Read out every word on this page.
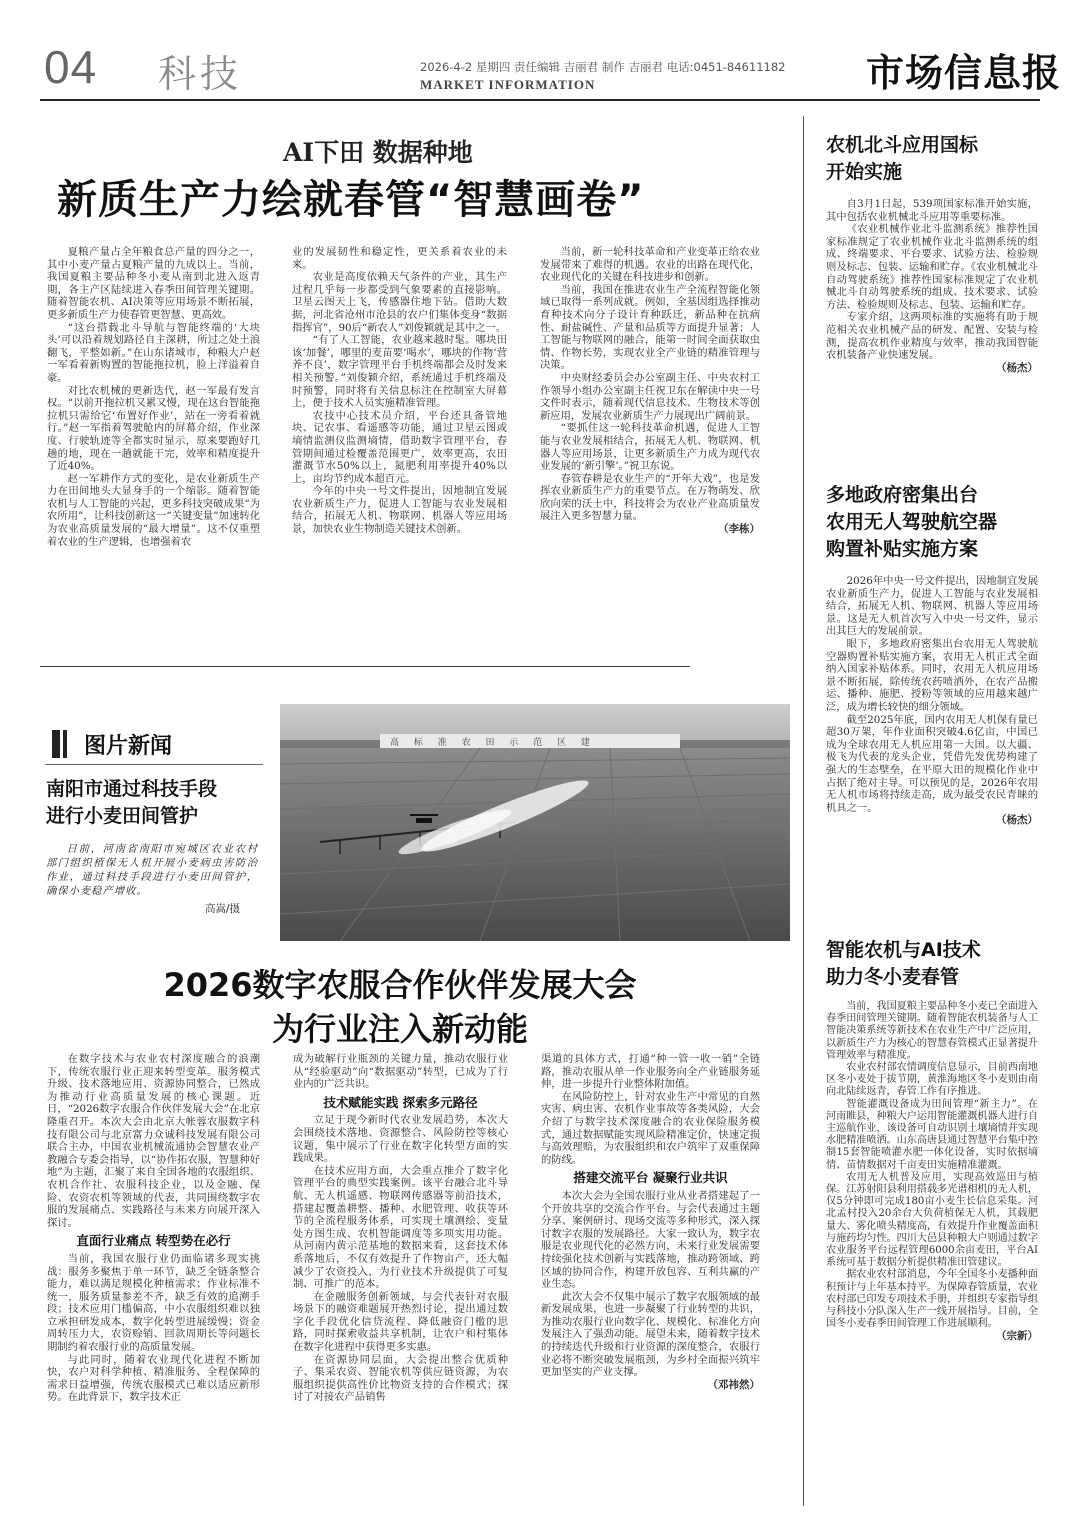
04 科技	2026-4-2 星期四 责任编辑 吉丽君 制作 吉丽君 电话:0451-84611182
MARKET INFORMATION	市场信息报
AI下田 数据种地
新质生产力绘就春管“智慧画卷”

夏粮产量占全年粮食总产量的四分之一，其中小麦产量占夏粮产量的九成以上。当前，我国夏粮主要品种冬小麦从南到北进入返青期，各主产区陆续进入春季田间管理关键期。随着智能农机、AI决策等应用场景不断拓展，更多新质生产力使春管更智慧、更高效。

“这台搭载北斗导航与智能终端的‘大块头’可以沿着规划路径自主深耕，所过之处土浪翻飞，平整如新。”在山东诸城市，种粮大户赵一军看着新购置的智能拖拉机，脸上洋溢着自豪。

对比农机械的更新迭代，赵一军最有发言权。“以前开拖拉机又累又慢，现在这台智能拖拉机只需给它‘布置好作业’，站在一旁看着就行。”赵一军指着驾驶舱内的屏幕介绍，作业深度、行驶轨迹等全都实时显示，原来要跑好几趟的地，现在一趟就能干完，效率和精度提升了近40%。

赵一军耕作方式的变化，是农业新质生产力在田间地头大显身手的一个缩影。随着智能农机与人工智能的兴起，更多科技突破成果“为农所用”，让科技创新这一“关键变量”加速转化为农业高质量发展的“最大增量”。这不仅重塑着农业的生产逻辑，也增强着农

业的发展韧性和稳定性，更关系着农业的未来。

农业是高度依赖天气条件的产业，其生产过程几乎每一步都受到气象要素的直接影响。卫星云图天上飞，传感器住地下钻。借助大数据，河北省沧州市沧县的农户们集体变身“数据指挥官”，90后“新农人”刘俊颖就是其中之一。

“有了人工智能，农业越来越时髦。哪块田该‘加餐’，哪里的麦苗要‘喝水’，哪块的作物‘营养不良’，数字管理平台手机终端都会及时发来相关预警。”刘俊颖介绍，系统通过手机终端及时预警，同时将有关信息标注在控制室大屏幕上，便于技术人员实施精准管理。

农技中心技术员介绍，平台还具备管地块、记农事、看遥感等功能，通过卫星云图或墒情监测仪监测墒情，借助数字管理平台，春管期间通过检覆盖范围更广，效率更高，农田灌溉节水50%以上，氮肥利用率提升40%以上，亩均节约成本超百元。

今年的中央一号文件提出，因地制宜发展农业新质生产力，促进人工智能与农业发展相结合，拓展无人机、物联网、机器人等应用场景，加快农业生物制造关键技术创新。

当前，新一轮科技革命和产业变革正给农业发展带来了难得的机遇。农业的出路在现代化，农业现代化的关键在科技进步和创新。

当前，我国在推进农业生产全流程智能化领域已取得一系列成就。例如，全基因组选择推动育种技术向分子设计育种跃迁，新品种在抗病性、耐盐碱性、产量和品质等方面提升显著；人工智能与物联网的融合，能第一时间全面获取虫情、作物长势，实现农业全产业链的精准管理与决策。

中央财经委员会办公室副主任、中央农村工作领导小组办公室副主任祝卫东在解读中央一号文件时表示，随着现代信息技术、生物技术等创新应用，发展农业新质生产力展现出广阔前景。

“要抓住这一轮科技革命机遇，促进人工智能与农业发展相结合，拓展无人机、物联网、机器人等应用场景，让更多新质生产力成为现代农业发展的‘新引擎’。”祝卫东说。

春管春耕是农业生产的“开年大戏”，也是发挥农业新质生产力的重要节点。在万物萌发、欣欣向荣的沃土中，科技将会为农业产业高质量发展注入更多智慧力量。

（李栋）
图片新闻
南阳市通过科技手段
进行小麦田间管护
日前，河南省南阳市宛城区农业农村部门组织植保无人机开展小麦病虫害防治作业，通过科技手段进行小麦田间管护，确保小麦稳产增收。
高嵩/摄
高 标 准 农 田 示 范 区 建
2026数字农服合作伙伴发展大会
为行业注入新动能

在数字技术与农业农村深度融合的浪潮下，传统农服行业正迎来转型变革。服务模式升级、技术落地应用、资源协同整合，已然成为推动行业高质量发展的核心课题。近日，“2026数字农服合作伙伴发展大会”在北京隆重召开。本次大会由北京大帐蓉农服数字科技有限公司与北京富力众诚科技发展有限公司联合主办，中国农业机械流通协会智慧农业产教融合专委会指导，以“协作拓农服，智慧种好地”为主题，汇聚了来自全国各地的农服组织、农机合作社、农服科技企业，以及金融、保险、农资农机等领域的代表，共同围绕数字农服的发展痛点、实践路径与未来方向展开深入探讨。

直面行业痛点 转型势在必行

当前，我国农服行业仍面临诸多现实挑战：服务多聚焦于单一环节，缺乏全链条整合能力，难以满足规模化种植需求；作业标准不统一，服务质量参差不齐，缺乏有效的追溯手段；技术应用门槛偏高，中小农服组织难以独立承担研发成本，数字化转型进展缓慢；资金周转压力大，农资赊销、回款周期长等问题长期制约着农服行业的高质量发展。

与此同时，随着农业现代化进程不断加快，农户对科学种植、精准服务、全程保障的需求日益增强，传统农服模式已难以适应新形势。在此背景下，数字技术正

成为破解行业瓶颈的关键力量，推动农服行业从“经验驱动”向“数据驱动”转型，已成为了行业内的广泛共识。

技术赋能实践 探索多元路径

立足于现今新时代农业发展趋势，本次大会围绕技术落地、资源整合、风险防控等核心议题，集中展示了行业在数字化转型方面的实践成果。

在技术应用方面，大会重点推介了数字化管理平台的典型实践案例。该平台融合北斗导航、无人机遥感、物联网传感器等前沿技术，搭建起覆盖耕整、播种、水肥管理、收获等环节的全流程服务体系，可实现土壤测绘、变量处方图生成、农机智能调度等多项实用功能。从河南内黄示范基地的数据来看，这套技术体系落地后，不仅有效提升了作物亩产，还大幅减少了农资投入，为行业技术升级提供了可复制、可推广的范本。

在金融服务创新领域，与会代表针对农服场景下的融资难题展开热烈讨论，提出通过数字化手段优化信贷流程、降低融资门槛的思路，同时探索收益共享机制，让农户和村集体在数字化进程中获得更多实惠。

在资源协同层面，大会提出整合优质种子、集采农资、智能农机等供应链资源，为农服组织提供高性价比物资支持的合作模式；探讨了对接农产品销售

渠道的具体方式，打通“种一管一收一销”全链路，推动农服从单一作业服务向全产业链服务延伸，进一步提升行业整体附加值。

在风险防控上，针对农业生产中常见的自然灾害、病虫害、农机作业事故等各类风险，大会介绍了与数字技术深度融合的农业保险服务模式，通过数据赋能实现风险精准定价，快速定损与高效理赔，为农服组织和农户筑牢了双重保障的防线。

搭建交流平台 凝聚行业共识

本次大会为全国农服行业从业者搭建起了一个开放共享的交流合作平台。与会代表通过主题分享、案例研讨、现场交流等多种形式，深入探讨数字农服的发展路径。大家一致认为，数字农服是农业现代化的必然方向，未来行业发展需要持续强化技术创新与实践落地，推动跨领域、跨区域的协同合作，构建开放包容、互利共赢的产业生态。

此次大会不仅集中展示了数字农服领域的最新发展成果，也进一步凝聚了行业转型的共识，为推动农服行业向数字化、规模化、标准化方向发展注入了强劲动能。展望未来，随着数字技术的持续迭代升级和行业资源的深度整合，农服行业必将不断突破发展瓶颈，为乡村全面振兴筑牢更加坚实的产业支撑。

（邓祎然）
农机北斗应用国标
开始实施

自3月1日起，539项国家标准开始实施，其中包括农业机械北斗应用等重要标准。

《农业机械作业北斗监测系统》推荐性国家标准规定了农业机械作业北斗监测系统的组成、终端要求、平台要求、试验方法、检验规则及标志、包装、运输和贮存。《农业机械北斗自动驾驶系统》推荐性国家标准规定了农业机械北斗自动驾驶系统的组成、技术要求、试验方法、检验规则及标志、包装、运输和贮存。

专家介绍，这两项标准的实施将有助于规范相关农业机械产品的研发、配置、安装与检测，提高农机作业精度与效率，推动我国智能农机装备产业快速发展。

（杨杰）
多地政府密集出台
农用无人驾驶航空器
购置补贴实施方案

2026年中央一号文件提出，因地制宜发展农业新质生产力，促进人工智能与农业发展相结合，拓展无人机、物联网、机器人等应用场景。这是无人机首次写入中央一号文件，显示出其巨大的发展前景。

眼下，多地政府密集出台农用无人驾驶航空器购置补贴实施方案，农用无人机正式全面纳入国家补贴体系。同时，农用无人机应用场景不断拓展，除传统农药喷洒外，在农产品搬运、播种、施肥、授粉等领域的应用越来越广泛，成为增长较快的细分领域。

截至2025年底，国内农用无人机保有量已超30万架，年作业面积突破4.6亿亩，中国已成为全球农用无人机应用第一大国。以大疆、极飞为代表的龙头企业，凭借先发优势构建了强大的生态壁垒，在平原大田的规模化作业中占据了绝对主导。可以预见的是，2026年农用无人机市场将持续走高，成为最受农民青睐的机具之一。

（杨杰）
智能农机与AI技术
助力冬小麦春管

当前，我国夏粮主要品种冬小麦已全面进入春季田间管理关键期。随着智能农机装备与人工智能决策系统等新技术在农业生产中广泛应用，以新质生产力为核心的智慧春管模式正显著提升管理效率与精准度。

农业农村部农情调度信息显示，目前西南地区冬小麦处于拔节期，黄淮海地区冬小麦则由南向北陆续返青，春管工作有序推进。

智能灌溉设备成为田间管理“新主力”。在河南睢县，种粮大户运用智能灌溉机器人进行自主巡航作业，该设备可自动识别土壤墒情并实现水肥精准喷洒。山东高唐县通过智慧平台集中控制15套智能喷灌水肥一体化设备，实时依据墒情、苗情数据对千亩麦田实施精准灌溉。

农用无人机普及应用，实现高效巡田与植保。江苏射阳县利用搭载多光谱相机的无人机，仅5分钟即可完成180亩小麦生长信息采集。河北孟村投入20余台大负荷植保无人机，其载肥量大、雾化喷头精度高，有效提升作业覆盖面积与施药均匀性。四川大邑县种粮大户则通过数字农业服务平台远程管理6000余亩麦田，平台AI系统可基于数据分析提供精准田管建议。

据农业农村部消息，今年全国冬小麦播种面积预计与上年基本持平。为保障春管质量，农业农村部已印发专项技术手册，并组织专家指导组与科技小分队深入生产一线开展指导。目前，全国冬小麦春季田间管理工作进展顺利。

（宗新）
